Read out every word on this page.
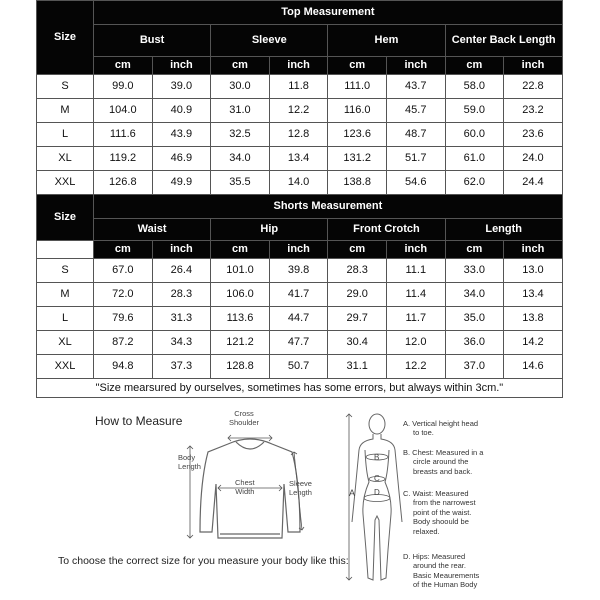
Size	Top Measurement							
	Bust		Sleeve		Hem		Center Back Length	
	cm	inch	cm	inch	cm	inch	cm	inch
S	99.0	39.0	30.0	11.8	111.0	43.7	58.0	22.8
M	104.0	40.9	31.0	12.2	116.0	45.7	59.0	23.2
L	111.6	43.9	32.5	12.8	123.6	48.7	60.0	23.6
XL	119.2	46.9	34.0	13.4	131.2	51.7	61.0	24.0
XXL	126.8	49.9	35.5	14.0	138.8	54.6	62.0	24.4
Size	Shorts Measurement							
	Waist		Hip		Front Crotch		Length	
	cm	inch	cm	inch	cm	inch	cm	inch
S	67.0	26.4	101.0	39.8	28.3	11.1	33.0	13.0
M	72.0	28.3	106.0	41.7	29.0	11.4	34.0	13.4
L	79.6	31.3	113.6	44.7	29.7	11.7	35.0	13.8
XL	87.2	34.3	121.2	47.7	30.4	12.0	36.0	14.2
XXL	94.8	37.3	128.8	50.7	31.1	12.2	37.0	14.6
"Size mearsured by ourselves, sometimes has some errors, but always within 3cm."								
How to Measure
Cross
Shoulder
Body
Length
Chest
Width
Sleeve
Length
To choose the correct size for you measure your body like this:
A
B
C
D
A. Vertical height head
to toe.
B. Chest: Measured in a
circle around the
breasts and back.
C. Waist: Measured
from the narrowest
point of the waist.
Body shoould be
relaxed.
D. Hips: Measured
around the rear.
Basic Meaurements
of the Human Body
